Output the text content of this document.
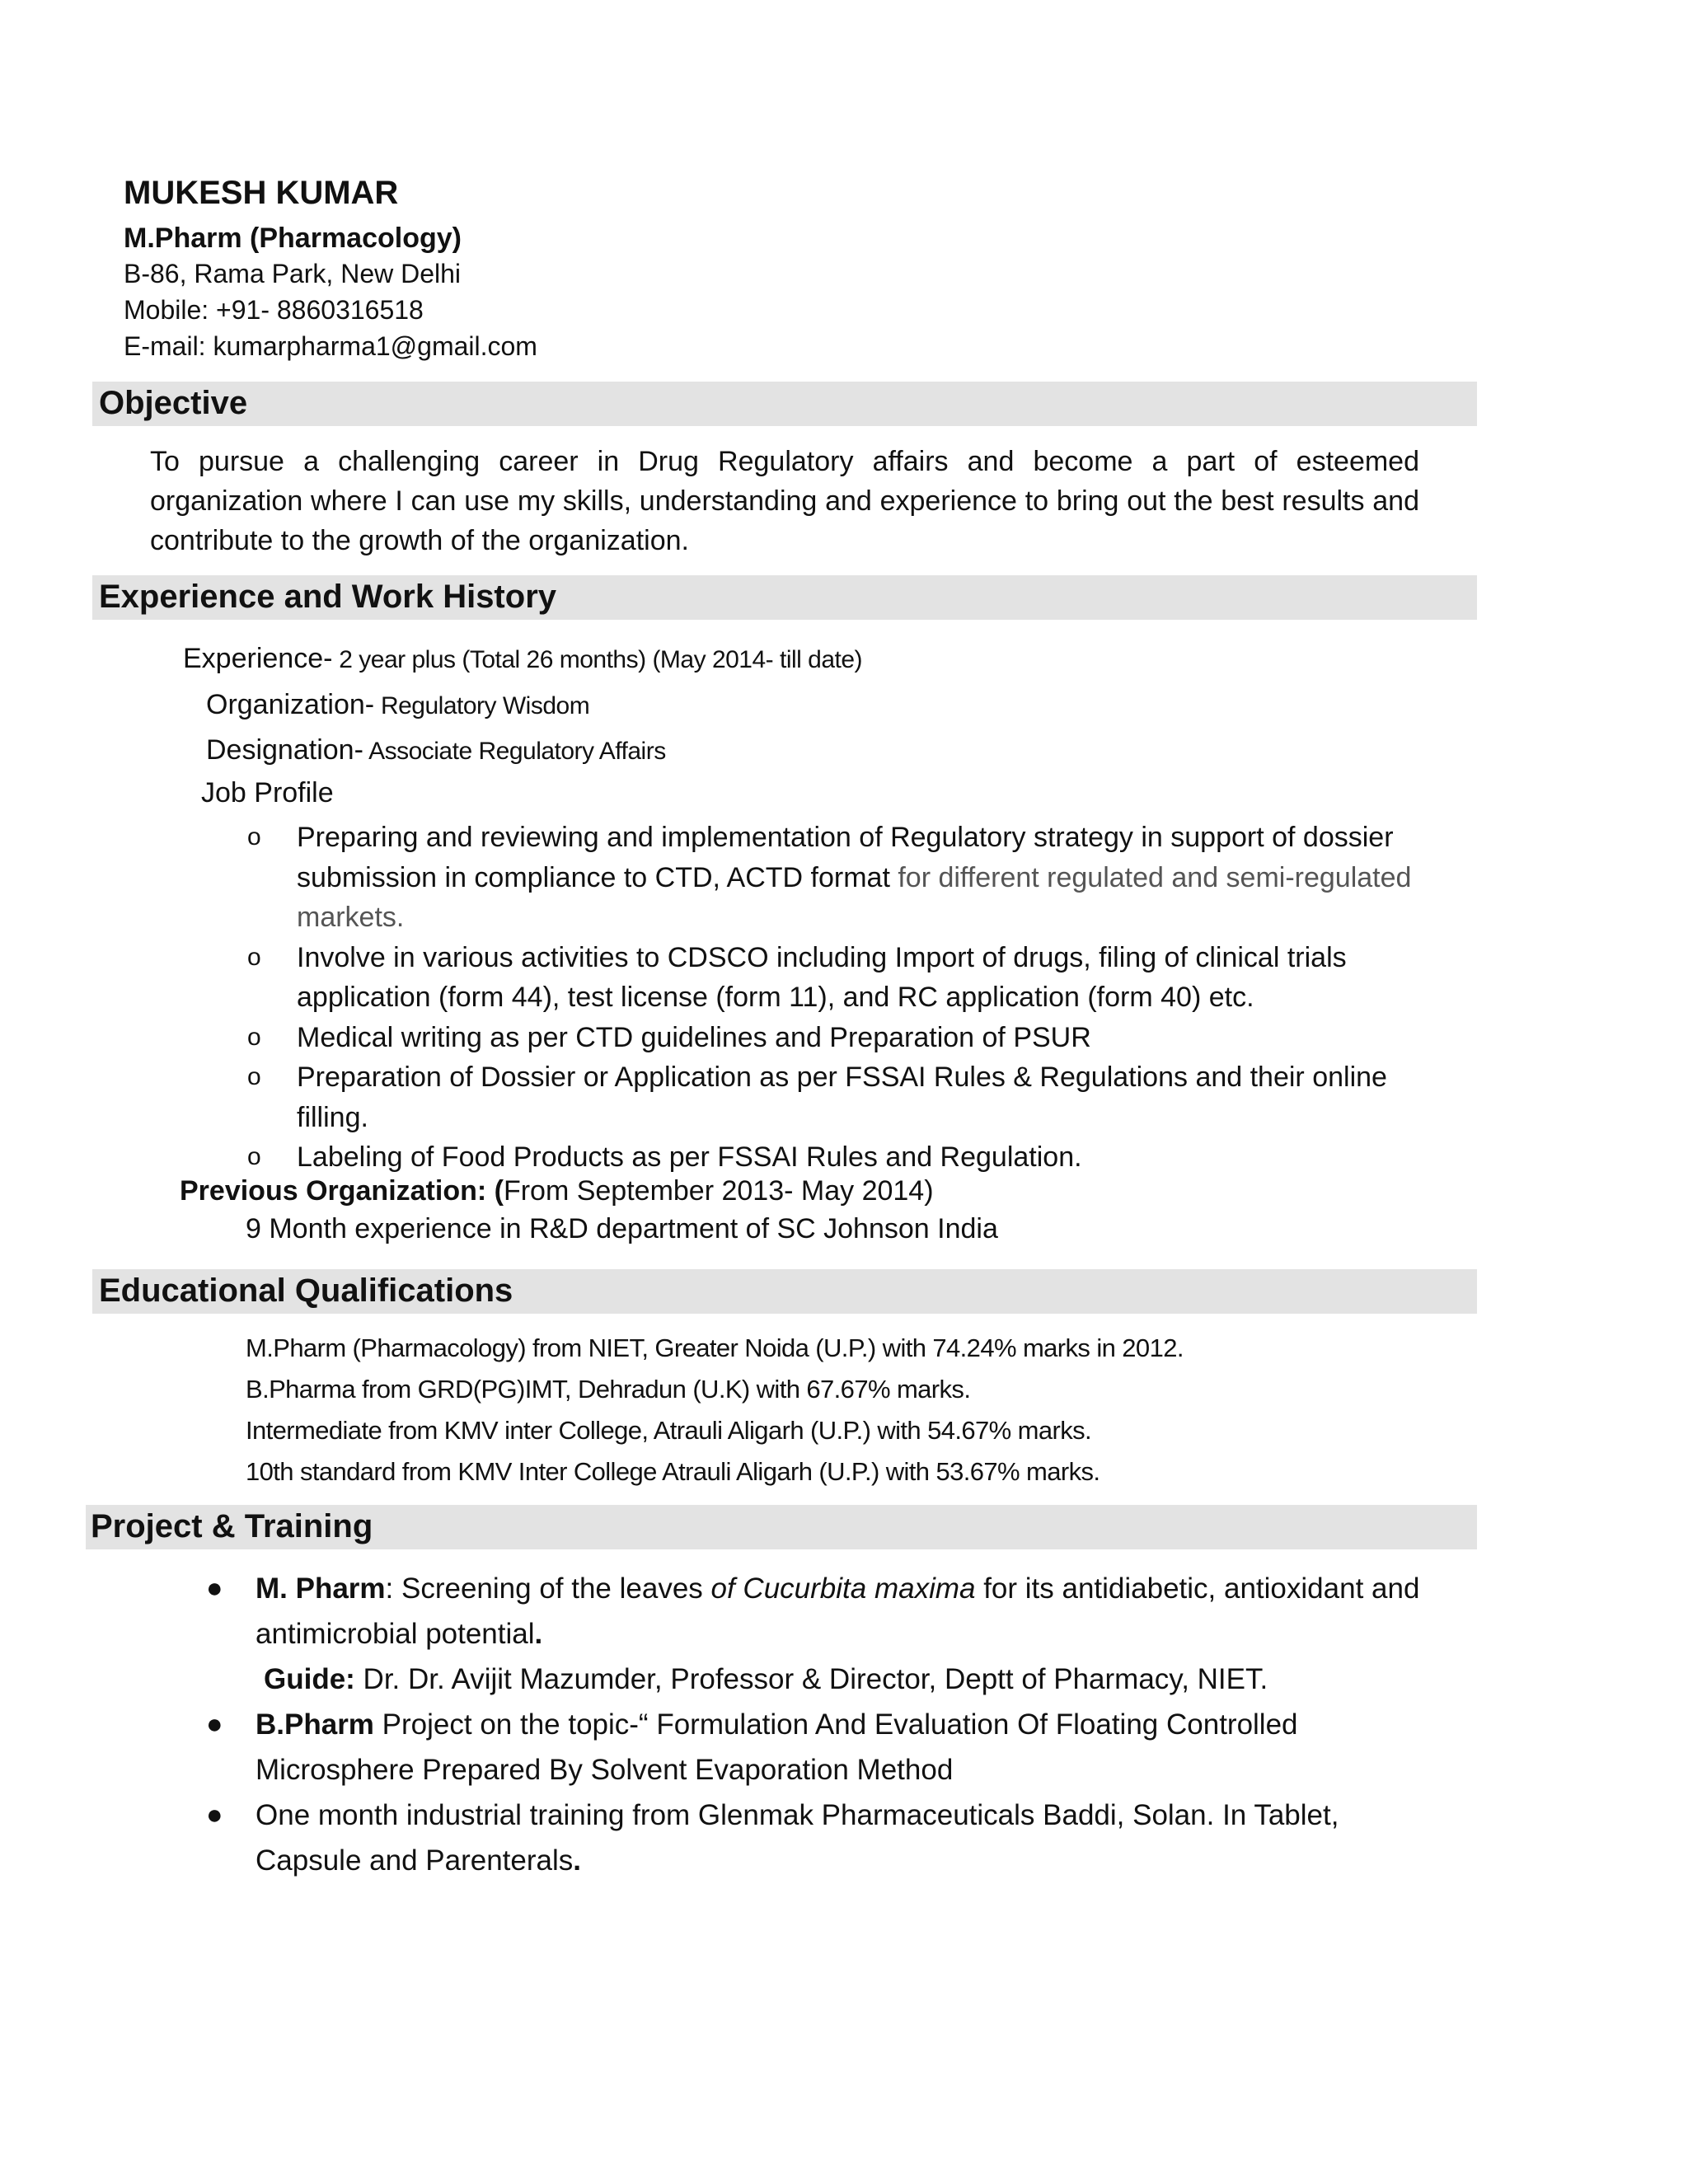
MUKESH KUMAR
M.Pharm (Pharmacology)
B-86, Rama Park, New Delhi
Mobile: +91- 8860316518
E-mail: kumarpharma1@gmail.com
Objective
To pursue a challenging career in Drug Regulatory affairs and become a part of esteemed organization where I can use my skills, understanding and experience to bring out the best results and contribute to the growth of the organization.
Experience and Work History
Experience- 2 year plus (Total 26 months) (May 2014- till date)
Organization- Regulatory Wisdom
Designation- Associate Regulatory Affairs
Job Profile
o Preparing and reviewing and implementation of Regulatory strategy in support of dossier submission in compliance to CTD, ACTD format for different regulated and semi-regulated markets.
o Involve in various activities to CDSCO including Import of drugs, filing of clinical trials application (form 44), test license (form 11), and RC application (form 40) etc.
o Medical writing as per CTD guidelines and Preparation of PSUR
o Preparation of Dossier or Application as per FSSAI Rules & Regulations and their online filling.
o Labeling of Food Products as per FSSAI Rules and Regulation.
Previous Organization: (From September 2013- May 2014)
9 Month experience in R&D department of SC Johnson India
Educational Qualifications
M.Pharm (Pharmacology) from NIET, Greater Noida (U.P.) with 74.24% marks in 2012.
B.Pharma from GRD(PG)IMT, Dehradun (U.K) with 67.67% marks.
Intermediate from KMV inter College, Atrauli Aligarh (U.P.) with 54.67% marks.
10th standard from KMV Inter College Atrauli Aligarh (U.P.) with 53.67% marks.
Project & Training
● M. Pharm: Screening of the leaves of Cucurbita maxima for its antidiabetic, antioxidant and antimicrobial potential.
Guide: Dr. Dr. Avijit Mazumder, Professor & Director, Deptt of Pharmacy, NIET.
● B.Pharm Project on the topic-“ Formulation And Evaluation Of Floating Controlled Microsphere Prepared By Solvent Evaporation Method
● One month industrial training from Glenmak Pharmaceuticals Baddi, Solan. In Tablet, Capsule and Parenterals.
